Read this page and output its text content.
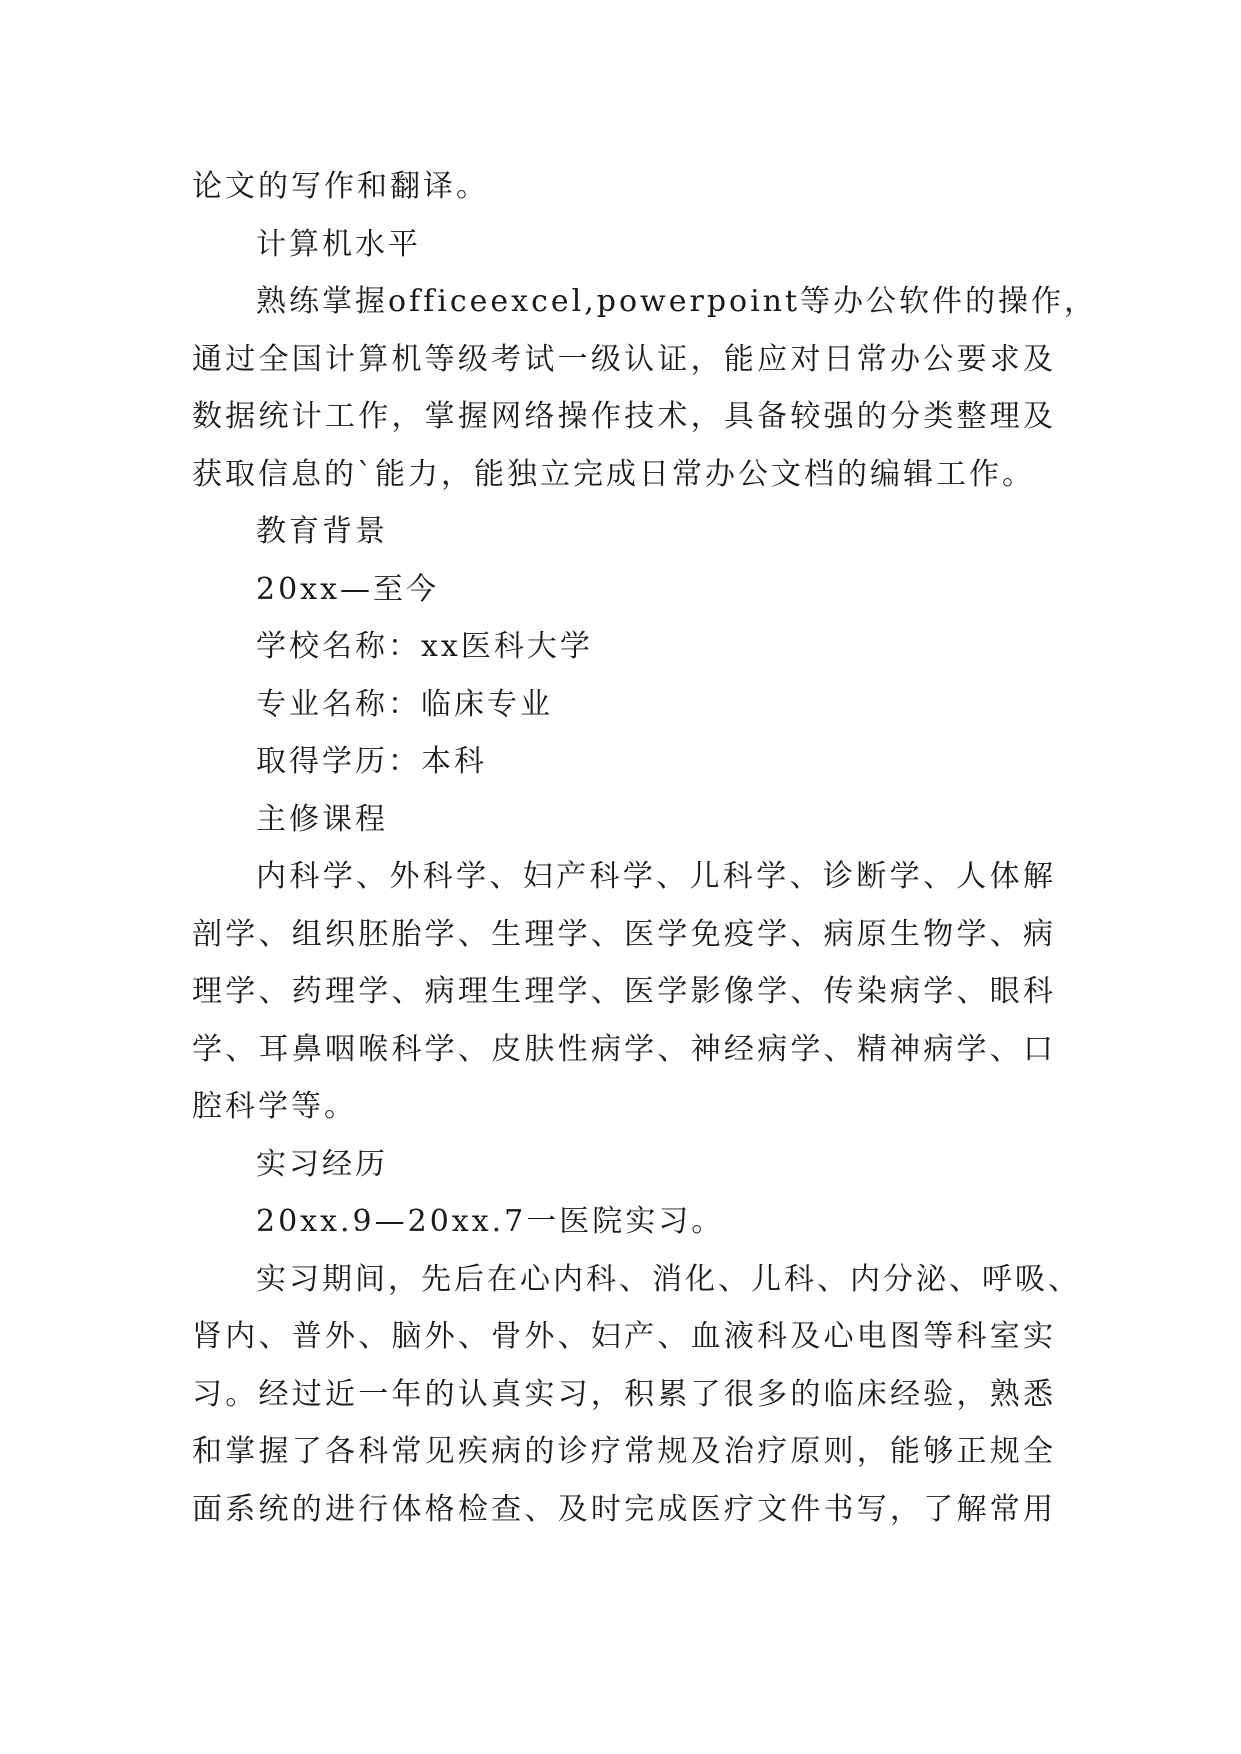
论文的写作和翻译。
计算机水平
熟练掌握officeexcel,powerpoint等办公软件的操作，
通过全国计算机等级考试一级认证，能应对日常办公要求及
数据统计工作，掌握网络操作技术，具备较强的分类整理及
获取信息的`能力，能独立完成日常办公文档的编辑工作。
教育背景
20xx—至今
学校名称：xx医科大学
专业名称：临床专业
取得学历：本科
主修课程
内科学、外科学、妇产科学、儿科学、诊断学、人体解
剖学、组织胚胎学、生理学、医学免疫学、病原生物学、病
理学、药理学、病理生理学、医学影像学、传染病学、眼科
学、耳鼻咽喉科学、皮肤性病学、神经病学、精神病学、口
腔科学等。
实习经历
20xx.9—20xx.7一医院实习。
实习期间，先后在心内科、消化、儿科、内分泌、呼吸、
肾内、普外、脑外、骨外、妇产、血液科及心电图等科室实
习。经过近一年的认真实习，积累了很多的临床经验，熟悉
和掌握了各科常见疾病的诊疗常规及治疗原则，能够正规全
面系统的进行体格检查、及时完成医疗文件书写，了解常用
